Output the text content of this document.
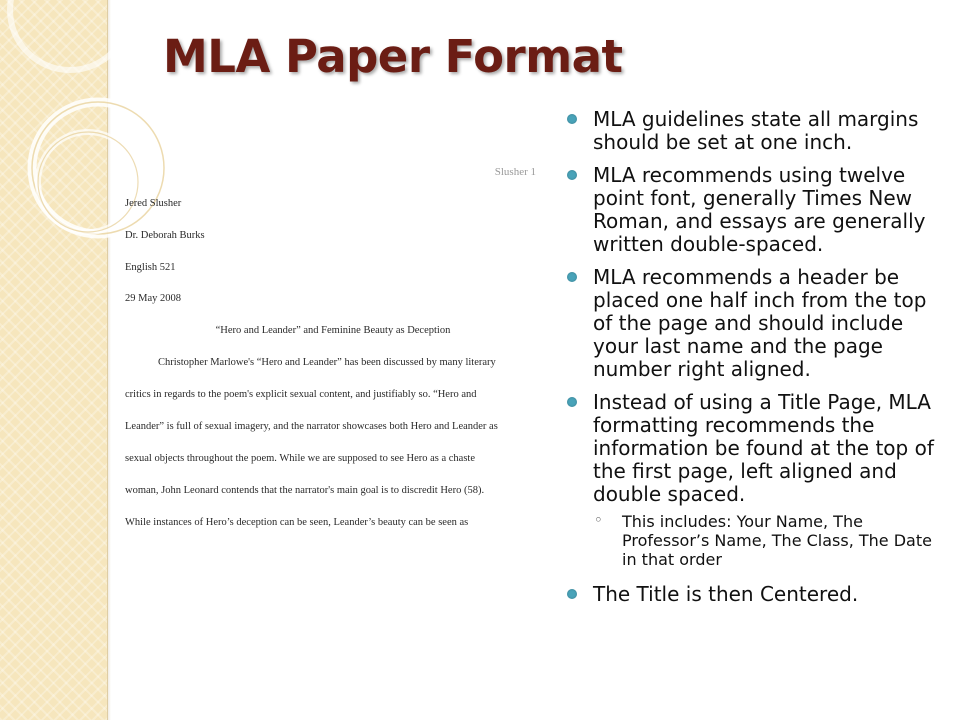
MLA Paper Format
Slusher 1
Jered Slusher
Dr. Deborah Burks
English 521
29 May 2008
“Hero and Leander” and Feminine Beauty as Deception
Christopher Marlowe's “Hero and Leander” has been discussed by many literary
critics in regards to the poem's explicit sexual content, and justifiably so. “Hero and
Leander” is full of sexual imagery, and the narrator showcases both Hero and Leander as
sexual objects throughout the poem. While we are supposed to see Hero as a chaste
woman, John Leonard contends that the narrator's main goal is to discredit Hero (58).
While instances of Hero’s deception can be seen, Leander’s beauty can be seen as
MLA guidelines state all margins should be set at one inch.
MLA recommends using twelve point font, generally Times New Roman, and essays are generally written double-spaced.
MLA recommends a header be placed one half inch from the top of the page and should include your last name and the page number right aligned.
Instead of using a Title Page, MLA formatting recommends the information be found at the top of the first page, left aligned and double spaced.
◦ This includes: Your Name, The Professor’s Name, The Class, The Date in that order
The Title is then Centered.
